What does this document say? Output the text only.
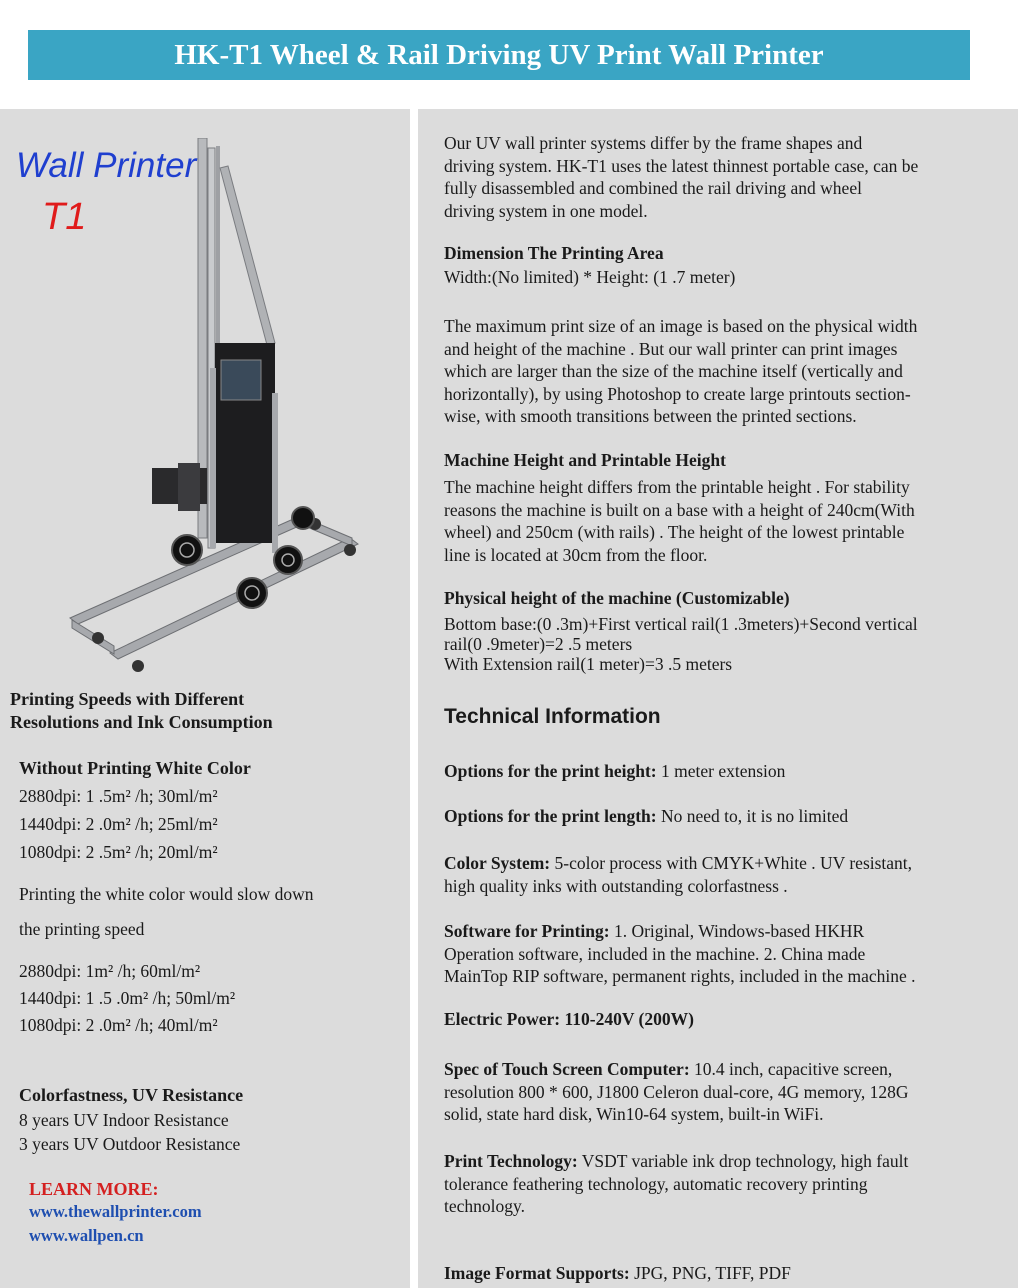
HK-T1 Wheel & Rail Driving UV Print Wall Printer
Wall Printer
T1
Printing Speeds with Different
Resolutions and Ink Consumption
Without Printing White Color
2880dpi: 1 .5m² /h; 30ml/m²
1440dpi: 2 .0m² /h; 25ml/m²
1080dpi: 2 .5m² /h; 20ml/m²
Printing the white color would slow down
the printing speed
2880dpi: 1m² /h; 60ml/m²
1440dpi: 1 .5 .0m² /h; 50ml/m²
1080dpi: 2 .0m² /h; 40ml/m²
Colorfastness, UV Resistance
8 years UV Indoor Resistance
3 years UV Outdoor Resistance
LEARN MORE:
www.thewallprinter.com
www.wallpen.cn
Our UV wall printer systems differ by the frame shapes and
driving system. HK-T1 uses the latest thinnest portable case, can be
fully disassembled and combined the rail driving and wheel
driving system in one model.
Dimension The Printing Area
Width:(No limited) * Height: (1 .7 meter)
The maximum print size of an image is based on the physical width
and height of the machine . But our wall printer can print images
which are larger than the size of the machine itself (vertically and
horizontally), by using Photoshop to create large printouts section-
wise, with smooth transitions between the printed sections.
Machine Height and Printable Height
The machine height differs from the printable height . For stability
reasons the machine is built on a base with a height of 240cm(With
wheel) and 250cm (with rails) . The height of the lowest printable
line is located at 30cm from the floor.
Physical height of the machine (Customizable)
Bottom base:(0 .3m)+First vertical rail(1 .3meters)+Second vertical
rail(0 .9meter)=2 .5 meters
With Extension rail(1 meter)=3 .5 meters
Technical Information
Options for the print height: 1 meter extension
Options for the print length: No need to, it is no limited
Color System: 5-color process with CMYK+White . UV resistant,
high quality inks with outstanding colorfastness .
Software for Printing: 1. Original, Windows-based HKHR
Operation software, included in the machine. 2. China made
MainTop RIP software, permanent rights, included in the machine .
Electric Power: 110-240V (200W)
Spec of Touch Screen Computer: 10.4 inch, capacitive screen,
resolution 800 * 600, J1800 Celeron dual-core, 4G memory, 128G
solid, state hard disk, Win10-64 system, built-in WiFi.
Print Technology: VSDT variable ink drop technology, high fault
tolerance feathering technology, automatic recovery printing
technology.
Image Format Supports: JPG, PNG, TIFF, PDF
